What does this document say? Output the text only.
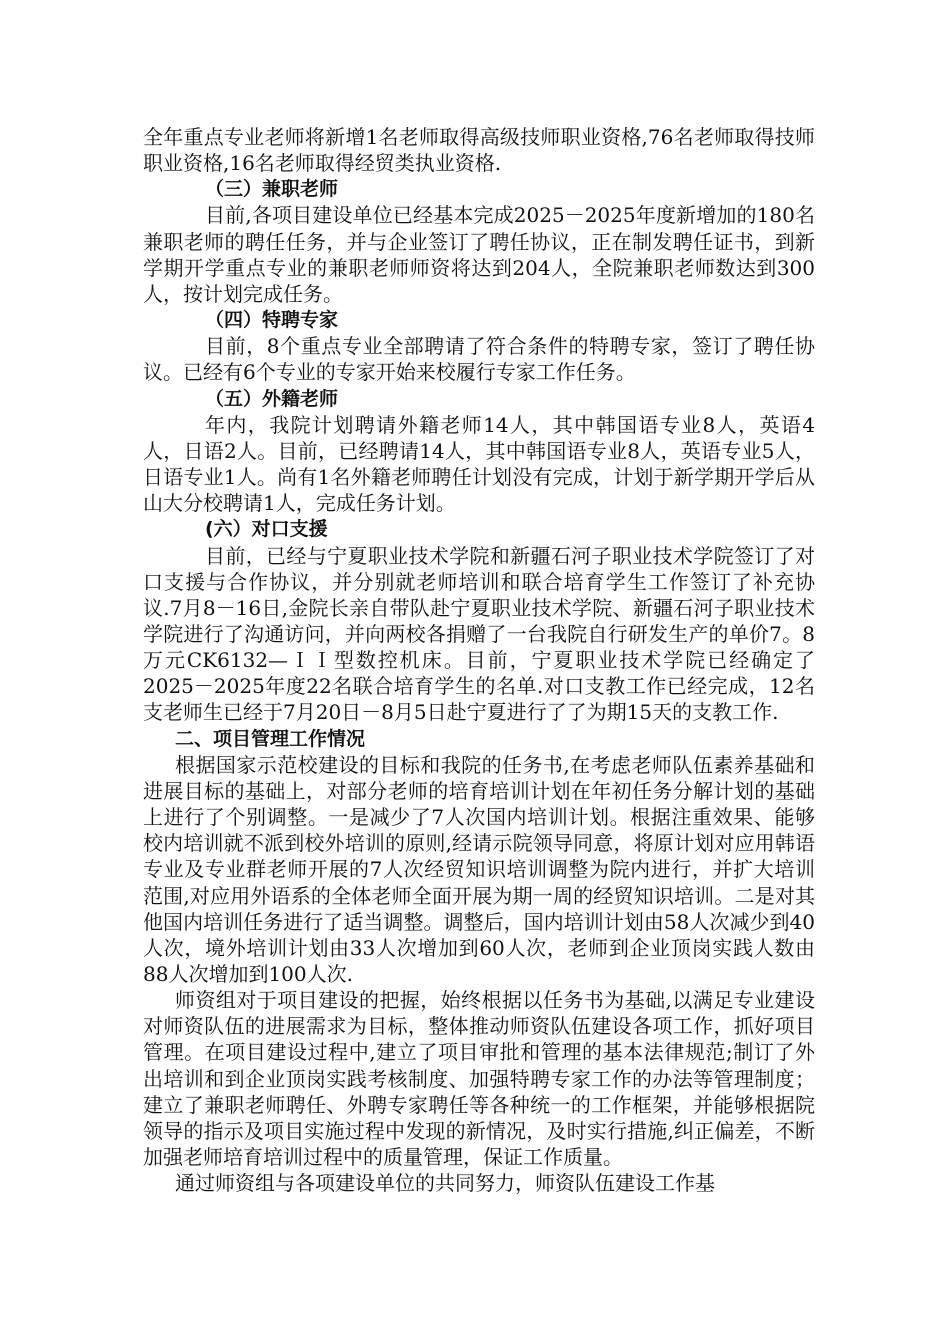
全年重点专业老师将新增1名老师取得高级技师职业资格,76名老师取得技师职业资格,16名老师取得经贸类执业资格.

（三）兼职老师

目前,各项目建设单位已经基本完成2025－2025年度新增加的180名兼职老师的聘任任务，并与企业签订了聘任协议，正在制发聘任证书，到新学期开学重点专业的兼职老师师资将达到204人，全院兼职老师数达到300人，按计划完成任务。

（四）特聘专家

目前，8个重点专业全部聘请了符合条件的特聘专家，签订了聘任协议。已经有6个专业的专家开始来校履行专家工作任务。

（五）外籍老师

年内，我院计划聘请外籍老师14人，其中韩国语专业8人，英语4人，日语2人。目前，已经聘请14人，其中韩国语专业8人，英语专业5人，日语专业1人。尚有1名外籍老师聘任计划没有完成，计划于新学期开学后从山大分校聘请1人，完成任务计划。

(六）对口支援

目前，已经与宁夏职业技术学院和新疆石河子职业技术学院签订了对口支援与合作协议，并分别就老师培训和联合培育学生工作签订了补充协议.7月8－16日,金院长亲自带队赴宁夏职业技术学院、新疆石河子职业技术学院进行了沟通访问，并向两校各捐赠了一台我院自行研发生产的单价7。8万元CK6132—ＩＩ型数控机床。目前，宁夏职业技术学院已经确定了2025－2025年度22名联合培育学生的名单.对口支教工作已经完成，12名支老师生已经于7月20日－8月5日赴宁夏进行了了为期15天的支教工作.

二、项目管理工作情况

根据国家示范校建设的目标和我院的任务书,在考虑老师队伍素养基础和进展目标的基础上，对部分老师的培育培训计划在年初任务分解计划的基础上进行了个别调整。一是减少了7人次国内培训计划。根据注重效果、能够校内培训就不派到校外培训的原则,经请示院领导同意，将原计划对应用韩语专业及专业群老师开展的7人次经贸知识培训调整为院内进行，并扩大培训范围,对应用外语系的全体老师全面开展为期一周的经贸知识培训。二是对其他国内培训任务进行了适当调整。调整后，国内培训计划由58人次减少到40人次，境外培训计划由33人次增加到60人次，老师到企业顶岗实践人数由88人次增加到100人次.

师资组对于项目建设的把握，始终根据以任务书为基础,以满足专业建设对师资队伍的进展需求为目标，整体推动师资队伍建设各项工作，抓好项目管理。在项目建设过程中,建立了项目审批和管理的基本法律规范;制订了外出培训和到企业顶岗实践考核制度、加强特聘专家工作的办法等管理制度；建立了兼职老师聘任、外聘专家聘任等各种统一的工作框架，并能够根据院领导的指示及项目实施过程中发现的新情况，及时实行措施,纠正偏差，不断加强老师培育培训过程中的质量管理，保证工作质量。

通过师资组与各项建设单位的共同努力，师资队伍建设工作基
